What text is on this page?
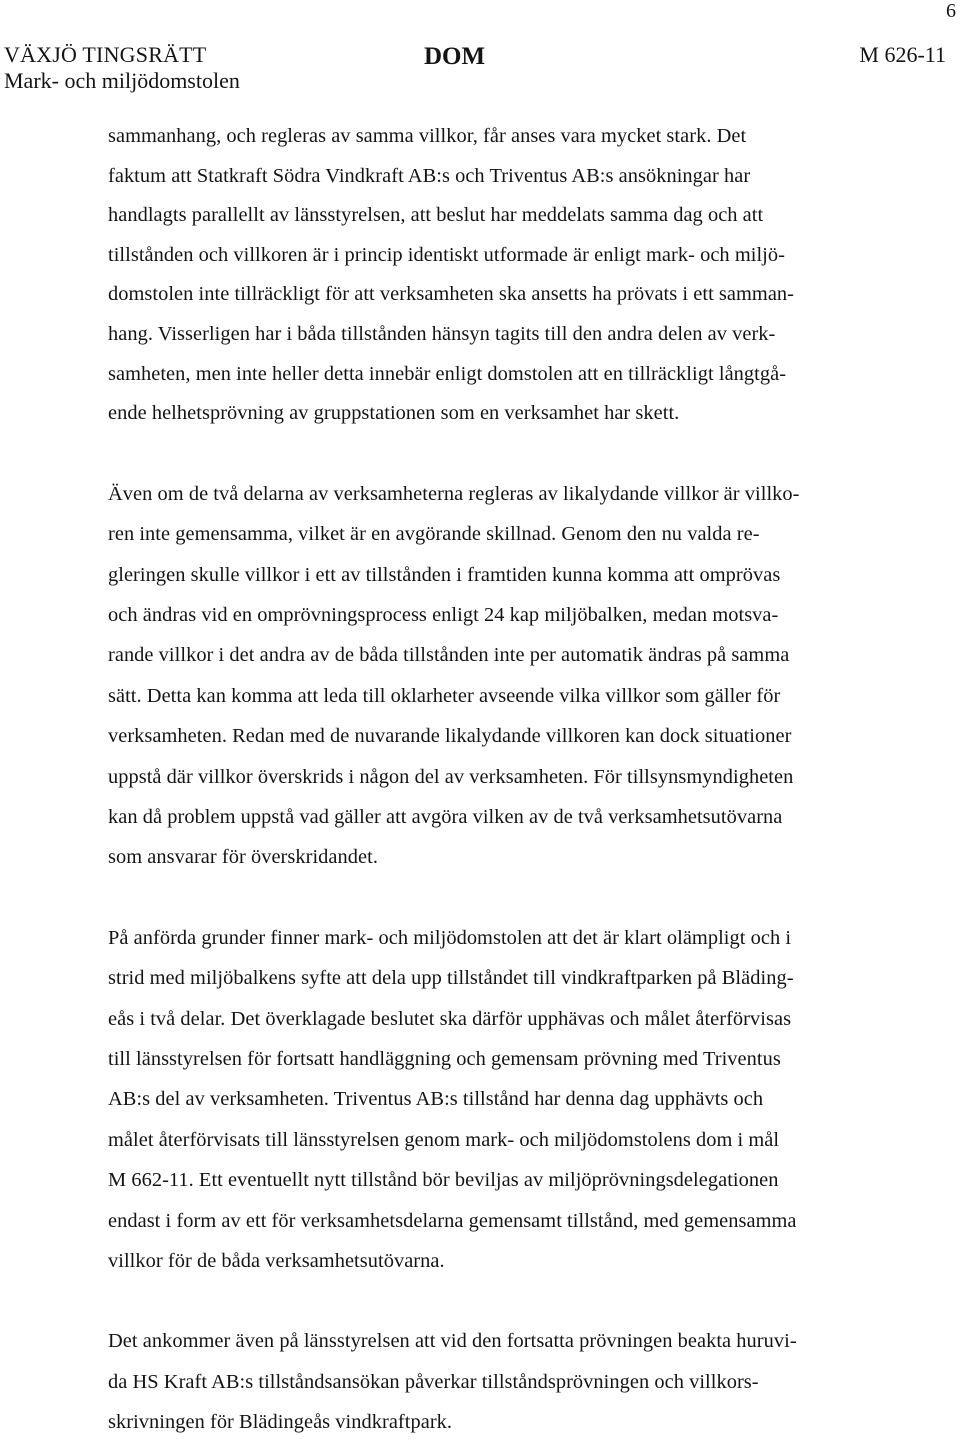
6
VÄXJÖ TINGSRÄTT
Mark- och miljödomstolen
DOM	M 626-11

sammanhang, och regleras av samma villkor, får anses vara mycket stark. Det
faktum att Statkraft Södra Vindkraft AB:s och Triventus AB:s ansökningar har
handlagts parallellt av länsstyrelsen, att beslut har meddelats samma dag och att
tillstånden och villkoren är i princip identiskt utformade är enligt mark- och miljö-
domstolen inte tillräckligt för att verksamheten ska ansetts ha prövats i ett samman-
hang. Visserligen har i båda tillstånden hänsyn tagits till den andra delen av verk-
samheten, men inte heller detta innebär enligt domstolen att en tillräckligt långtgå-
ende helhetsprövning av gruppstationen som en verksamhet har skett.

Även om de två delarna av verksamheterna regleras av likalydande villkor är villko-
ren inte gemensamma, vilket är en avgörande skillnad. Genom den nu valda re-
gleringen skulle villkor i ett av tillstånden i framtiden kunna komma att omprövas
och ändras vid en omprövningsprocess enligt 24 kap miljöbalken, medan motsva-
rande villkor i det andra av de båda tillstånden inte per automatik ändras på samma
sätt. Detta kan komma att leda till oklarheter avseende vilka villkor som gäller för
verksamheten. Redan med de nuvarande likalydande villkoren kan dock situationer
uppstå där villkor överskrids i någon del av verksamheten. För tillsynsmyndigheten
kan då problem uppstå vad gäller att avgöra vilken av de två verksamhetsutövarna
som ansvarar för överskridandet.

På anförda grunder finner mark- och miljödomstolen att det är klart olämpligt och i
strid med miljöbalkens syfte att dela upp tillståndet till vindkraftparken på Bläding-
eås i två delar. Det överklagade beslutet ska därför upphävas och målet återförvisas
till länsstyrelsen för fortsatt handläggning och gemensam prövning med Triventus
AB:s del av verksamheten. Triventus AB:s tillstånd har denna dag upphävts och
målet återförvisats till länsstyrelsen genom mark- och miljödomstolens dom i mål
M 662-11. Ett eventuellt nytt tillstånd bör beviljas av miljöprövningsdelegationen
endast i form av ett för verksamhetsdelarna gemensamt tillstånd, med gemensamma
villkor för de båda verksamhetsutövarna.

Det ankommer även på länsstyrelsen att vid den fortsatta prövningen beakta huruvi-
da HS Kraft AB:s tillståndsansökan påverkar tillståndsprövningen och villkors-
skrivningen för Blädingeås vindkraftpark.
